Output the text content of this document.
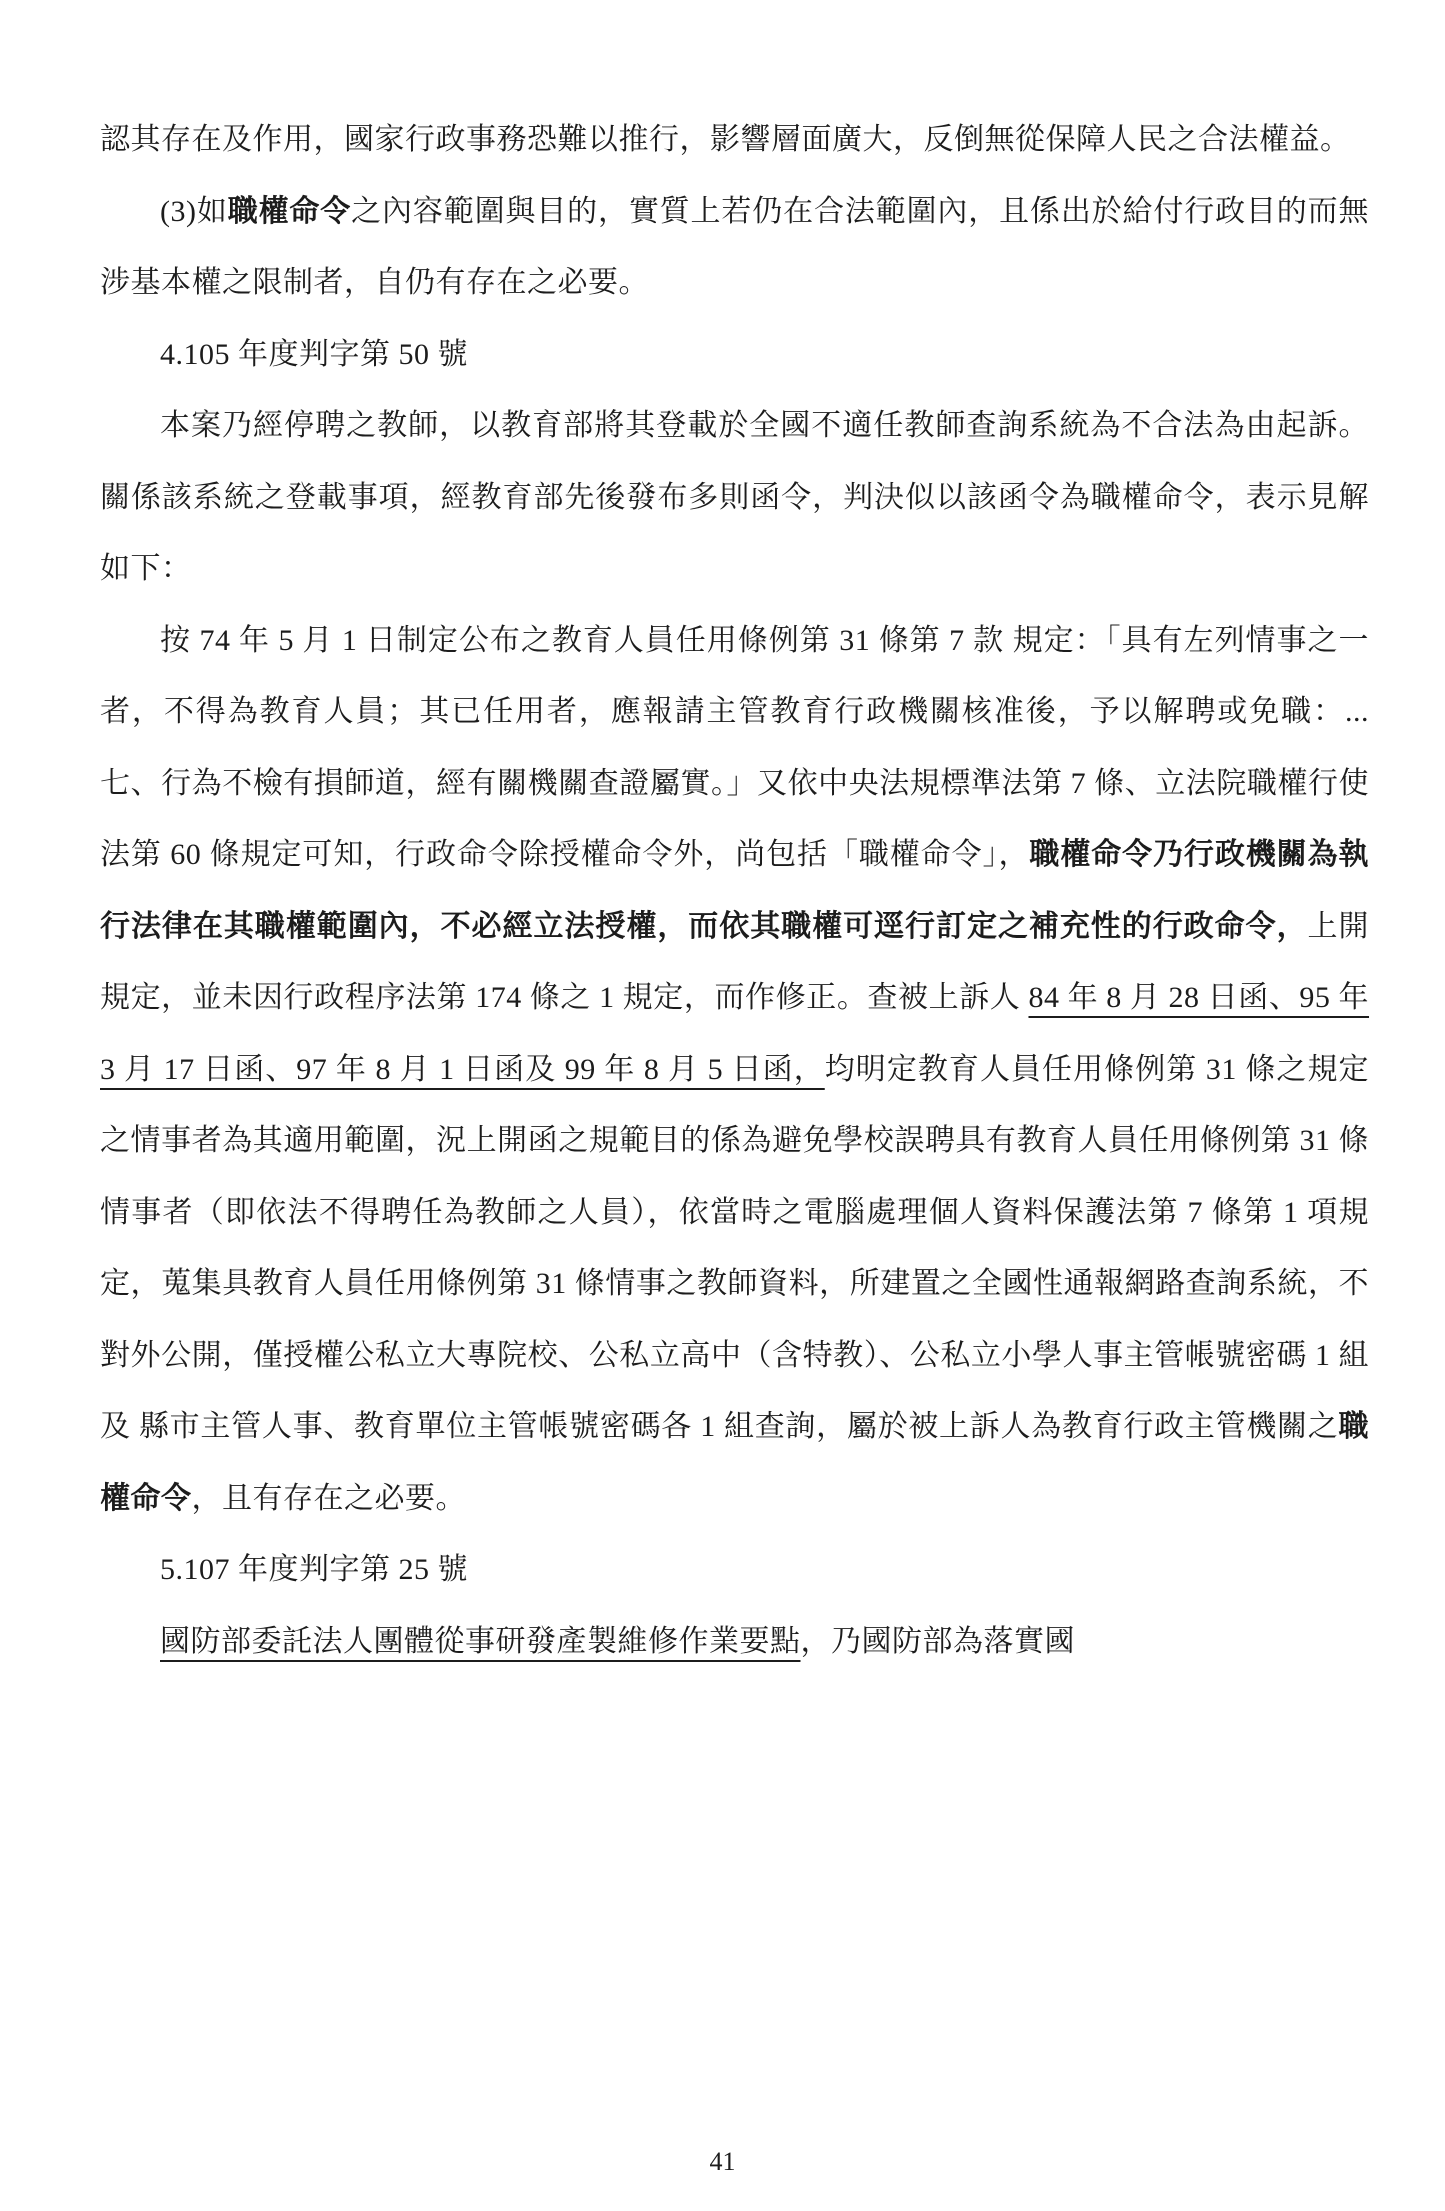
認其存在及作用，國家行政事務恐難以推行，影響層面廣大，反倒無從保障人民之合法權益。

(3)如職權命令之內容範圍與目的，實質上若仍在合法範圍內，且係出於給付行政目的而無涉基本權之限制者，自仍有存在之必要。

4.105 年度判字第 50 號

本案乃經停聘之教師，以教育部將其登載於全國不適任教師查詢系統為不合法為由起訴。關係該系統之登載事項，經教育部先後發布多則函令，判決似以該函令為職權命令，表示見解如下：

按 74 年 5 月 1 日制定公布之教育人員任用條例第 31 條第 7 款 規定：「具有左列情事之一者，不得為教育人員；其已任用者，應報請主管教育行政機關核准後，予以解聘或免職：...七、行為不檢有損師道，經有關機關查證屬實。」又依中央法規標準法第 7 條、立法院職權行使法第 60 條規定可知，行政命令除授權命令外，尚包括「職權命令」，職權命令乃行政機關為執行法律在其職權範圍內，不必經立法授權，而依其職權可逕行訂定之補充性的行政命令，上開規定，並未因行政程序法第 174 條之 1 規定，而作修正。查被上訴人 84 年 8 月 28 日函、95 年 3 月 17 日函、97 年 8 月 1 日函及 99 年 8 月 5 日函，均明定教育人員任用條例第 31 條之規定之情事者為其適用範圍，況上開函之規範目的係為避免學校誤聘具有教育人員任用條例第 31 條情事者（即依法不得聘任為教師之人員），依當時之電腦處理個人資料保護法第 7 條第 1 項規定，蒐集具教育人員任用條例第 31 條情事之教師資料，所建置之全國性通報網路查詢系統，不對外公開，僅授權公私立大專院校、公私立高中（含特教）、公私立小學人事主管帳號密碼 1 組及 縣市主管人事、教育單位主管帳號密碼各 1 組查詢，屬於被上訴人為教育行政主管機關之職權命令，且有存在之必要。

5.107 年度判字第 25 號

國防部委託法人團體從事研發產製維修作業要點，乃國防部為落實國

41
